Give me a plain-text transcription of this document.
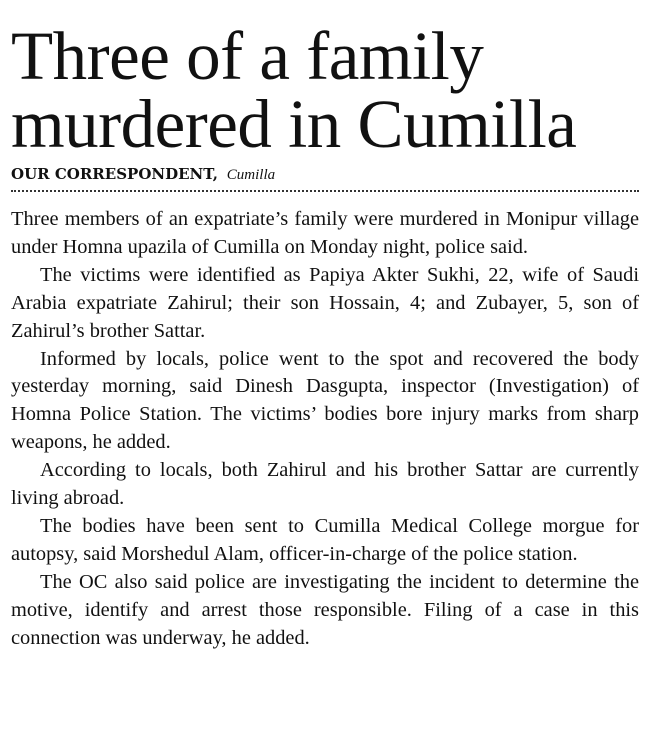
Three of a family
murdered in Cumilla
OUR CORRESPONDENT, Cumilla

Three members of an expatriate’s family were murdered in Monipur village under Homna upazila of Cumilla on Monday night, police said.

The victims were identified as Papiya Akter Sukhi, 22, wife of Saudi Arabia expatriate Zahirul; their son Hossain, 4; and Zubayer, 5, son of Zahirul’s brother Sattar.

Informed by locals, police went to the spot and recovered the body yesterday morning, said Dinesh Dasgupta, inspector (Investigation) of Homna Police Station. The victims’ bodies bore injury marks from sharp weapons, he added.

According to locals, both Zahirul and his brother Sattar are currently living abroad.

The bodies have been sent to Cumilla Medical College morgue for autopsy, said Morshedul Alam, officer-in-charge of the police station.

The OC also said police are investigating the incident to determine the motive, identify and arrest those responsible. Filing of a case in this connection was underway, he added.
